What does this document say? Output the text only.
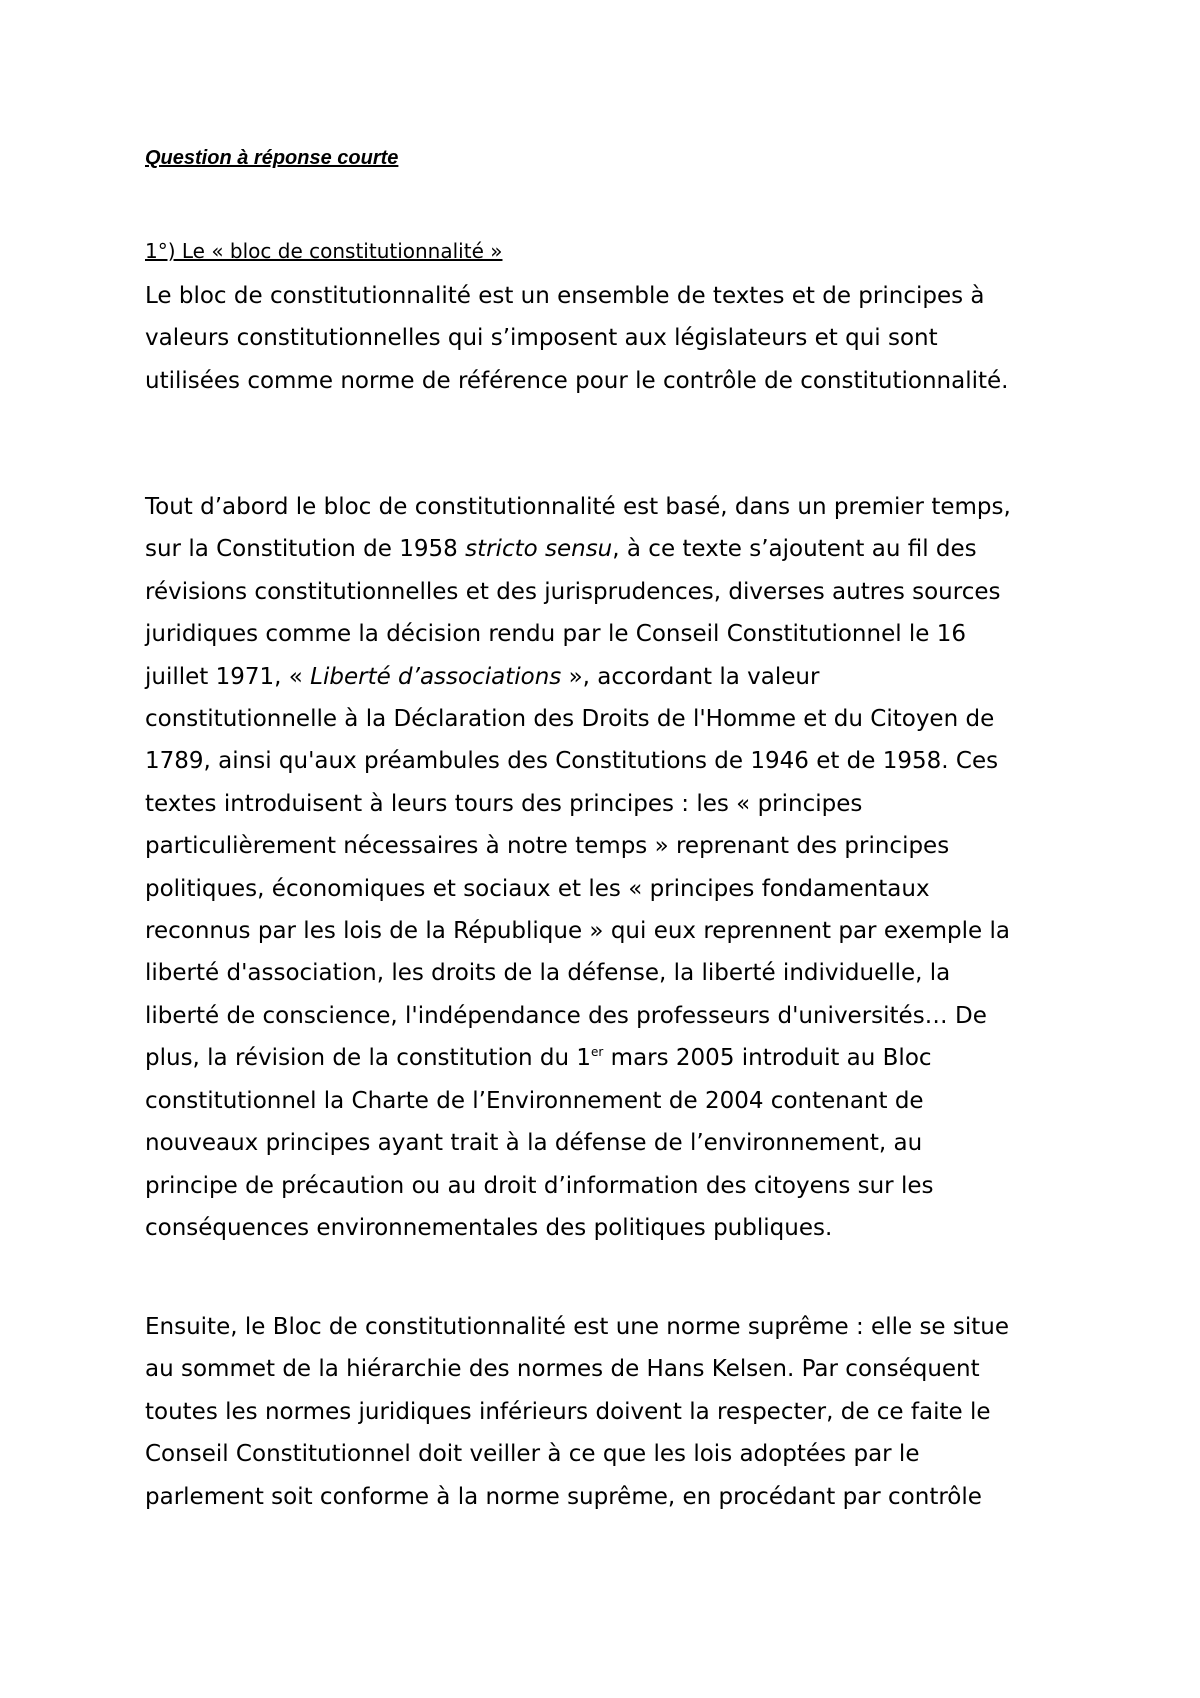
Question à réponse courte
1°) Le « bloc de constitutionnalité »

Le bloc de constitutionnalité est un ensemble de textes et de principes à
valeurs constitutionnelles qui s’imposent aux législateurs et qui sont
utilisées comme norme de référence pour le contrôle de constitutionnalité.

Tout d’abord le bloc de constitutionnalité est basé, dans un premier temps,
sur la Constitution de 1958 stricto sensu, à ce texte s’ajoutent au fil des
révisions constitutionnelles et des jurisprudences, diverses autres sources
juridiques comme la décision rendu par le Conseil Constitutionnel le 16
juillet 1971, « Liberté d’associations », accordant la valeur
constitutionnelle à la Déclaration des Droits de l'Homme et du Citoyen de
1789, ainsi qu'aux préambules des Constitutions de 1946 et de 1958. Ces
textes introduisent à leurs tours des principes : les « principes
particulièrement nécessaires à notre temps » reprenant des principes
politiques, économiques et sociaux et les « principes fondamentaux
reconnus par les lois de la République » qui eux reprennent par exemple la
liberté d'association, les droits de la défense, la liberté individuelle, la
liberté de conscience, l'indépendance des professeurs d'universités… De
plus, la révision de la constitution du 1er mars 2005 introduit au Bloc
constitutionnel la Charte de l’Environnement de 2004 contenant de
nouveaux principes ayant trait à la défense de l’environnement, au
principe de précaution ou au droit d’information des citoyens sur les
conséquences environnementales des politiques publiques.

Ensuite, le Bloc de constitutionnalité est une norme suprême : elle se situe
au sommet de la hiérarchie des normes de Hans Kelsen. Par conséquent
toutes les normes juridiques inférieurs doivent la respecter, de ce faite le
Conseil Constitutionnel doit veiller à ce que les lois adoptées par le
parlement soit conforme à la norme suprême, en procédant par contrôle
